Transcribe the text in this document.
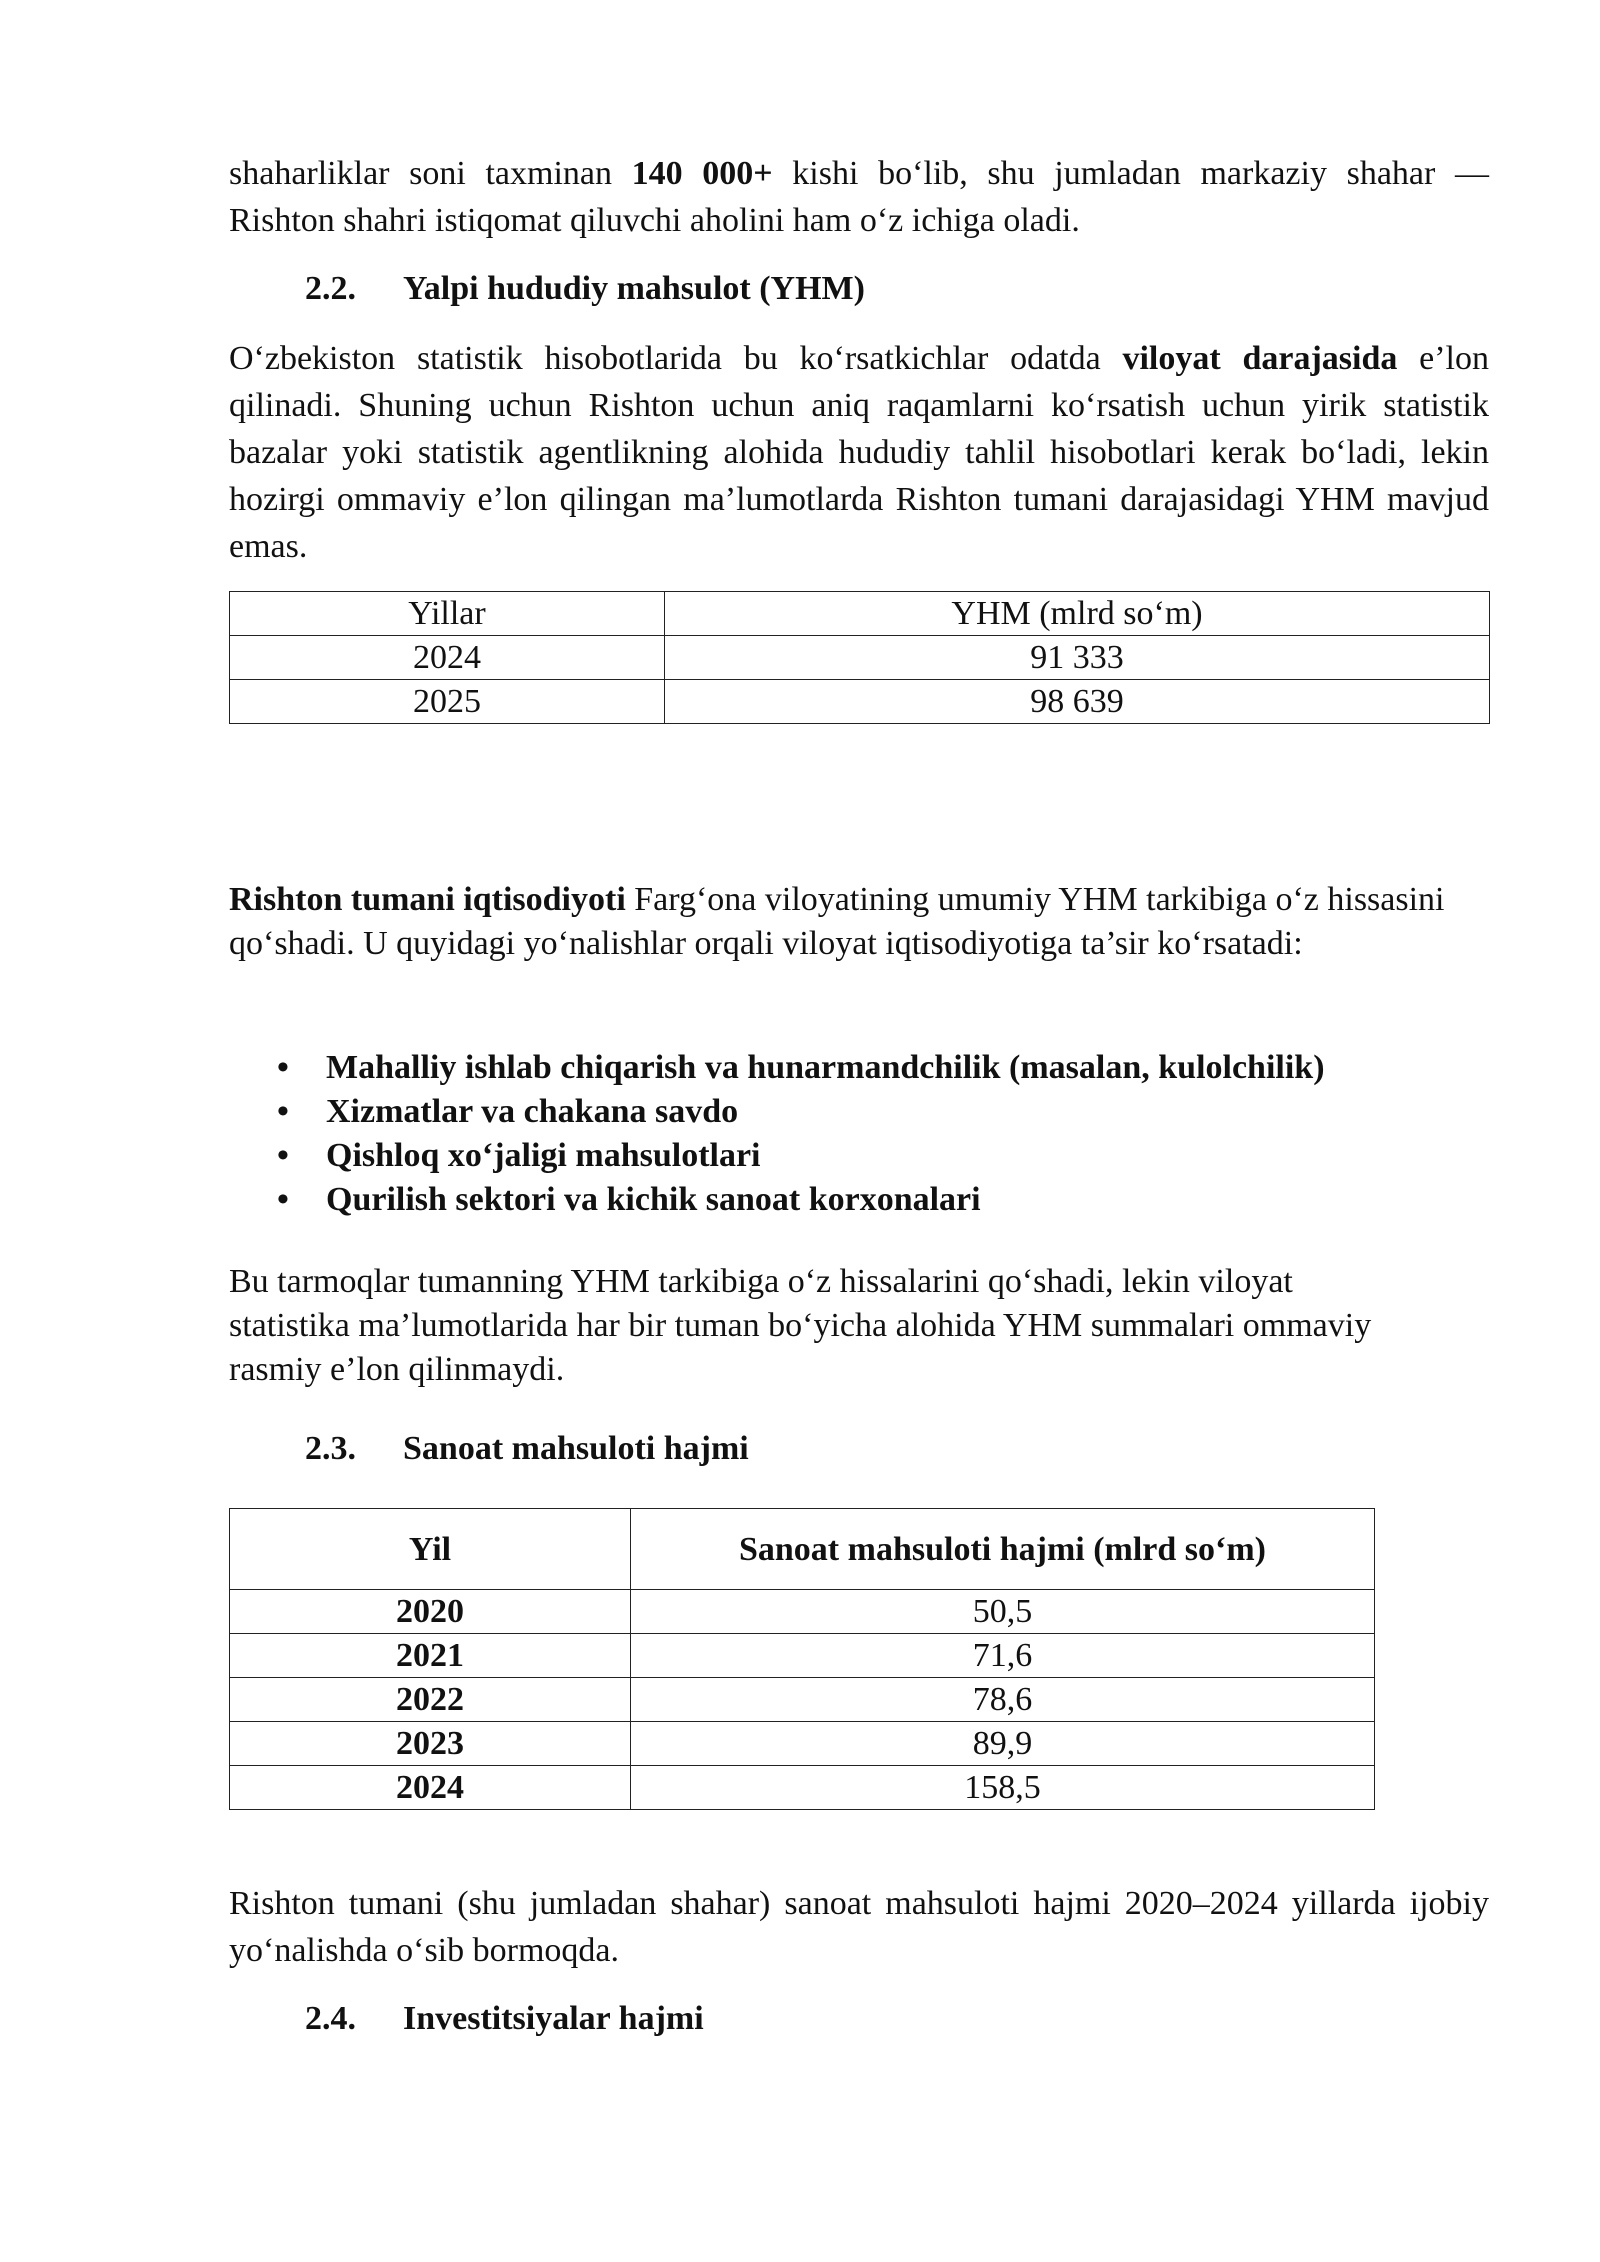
shaharliklar soni taxminan 140 000+ kishi bo‘lib, shu jumladan markaziy shahar —
Rishton shahri istiqomat qiluvchi aholini ham o‘z ichiga oladi.
2.2. Yalpi hududiy mahsulot (YHM)
O‘zbekiston statistik hisobotlarida bu ko‘rsatkichlar odatda viloyat darajasida e’lon qilinadi. Shuning uchun Rishton uchun aniq raqamlarni ko‘rsatish uchun yirik statistik bazalar yoki statistik agentlikning alohida hududiy tahlil hisobotlari kerak bo‘ladi, lekin hozirgi ommaviy e’lon qilingan ma’lumotlarda Rishton tumani darajasidagi YHM mavjud emas.
Yillar	YHM (mlrd so‘m)
2024	91 333
2025	98 639
Rishton tumani iqtisodiyoti Farg‘ona viloyatining umumiy YHM tarkibiga o‘z hissasini qo‘shadi. U quyidagi yo‘nalishlar orqali viloyat iqtisodiyotiga ta’sir ko‘rsatadi:
• Mahalliy ishlab chiqarish va hunarmandchilik (masalan, kulolchilik)
• Xizmatlar va chakana savdo
• Qishloq xo‘jaligi mahsulotlari
• Qurilish sektori va kichik sanoat korxonalari
Bu tarmoqlar tumanning YHM tarkibiga o‘z hissalarini qo‘shadi, lekin viloyat statistika ma’lumotlarida har bir tuman bo‘yicha alohida YHM summalari ommaviy rasmiy e’lon qilinmaydi.
2.3. Sanoat mahsuloti hajmi
Yil	Sanoat mahsuloti hajmi (mlrd so‘m)
2020	50,5
2021	71,6
2022	78,6
2023	89,9
2024	158,5
Rishton tumani (shu jumladan shahar) sanoat mahsuloti hajmi 2020–2024 yillarda ijobiy yo‘nalishda o‘sib bormoqda.
2.4. Investitsiyalar hajmi
